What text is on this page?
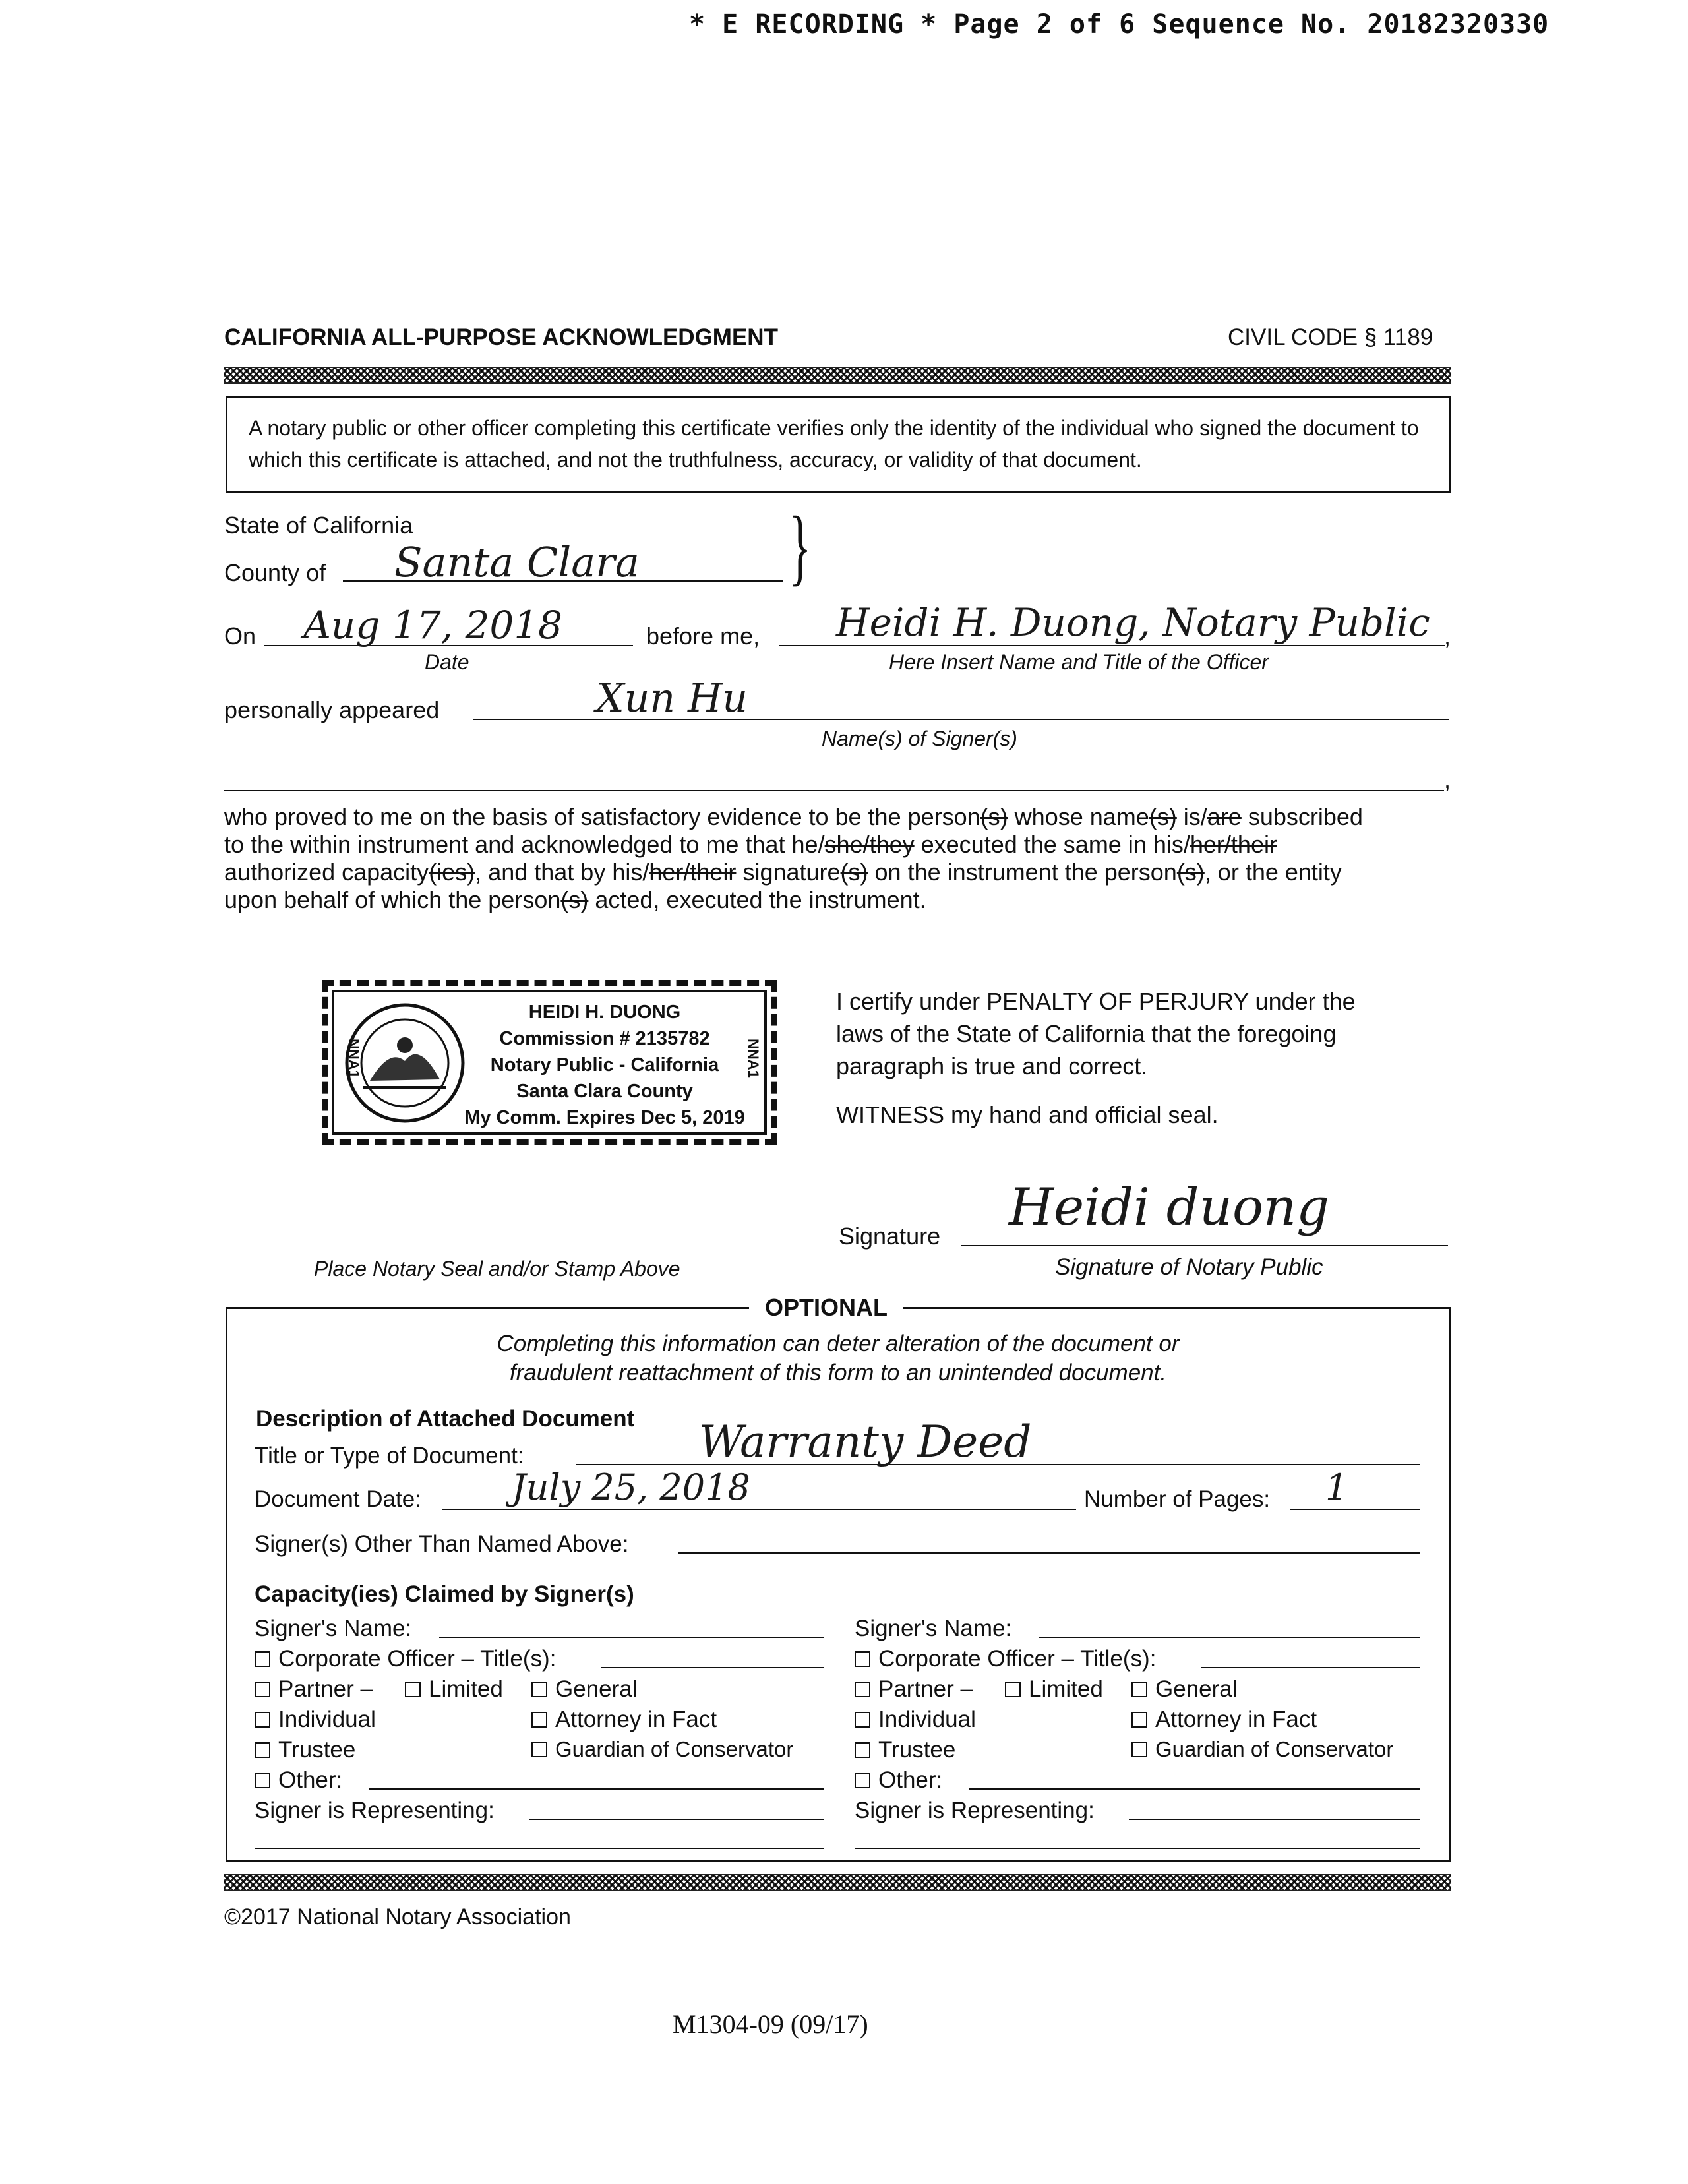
* E RECORDING * Page 2 of 6 Sequence No. 20182320330
CALIFORNIA ALL-PURPOSE ACKNOWLEDGMENT	CIVIL CODE § 1189
A notary public or other officer completing this certificate verifies only the identity of the individual who signed the document to which this certificate is attached, and not the truthfulness, accuracy, or validity of that document.
State of California
County of Santa Clara }
On Aug 17, 2018
Date
before me, Heidi H. Duong, Notary Public ,
Here Insert Name and Title of the Officer
personally appeared	Xun Hu
Name(s) of Signer(s)
,
who proved to me on the basis of satisfactory evidence to be the person(s) whose name(s) is/are subscribed
to the within instrument and acknowledged to me that he/she/they executed the same in his/her/their
authorized capacity(ies), and that by his/her/their signature(s) on the instrument the person(s), or the entity
upon behalf of which the person(s) acted, executed the instrument.
NNA1	NNA1
HEIDI H. DUONG
Commission # 2135782
Notary Public - California
Santa Clara County
My Comm. Expires Dec 5, 2019
I certify under PENALTY OF PERJURY under the
laws of the State of California that the foregoing
paragraph is true and correct.
WITNESS my hand and official seal.
Signature Heidi duong
Signature of Notary Public
Place Notary Seal and/or Stamp Above
OPTIONAL
Completing this information can deter alteration of the document or
fraudulent reattachment of this form to an unintended document.
Description of Attached Document
Title or Type of Document:	Warranty Deed
Document Date:	July 25, 2018	Number of Pages: 1
Signer(s) Other Than Named Above:
Capacity(ies) Claimed by Signer(s)
Signer's Name:
Corporate Officer – Title(s):
Partner –	Limited	General
Individual	Attorney in Fact
Trustee	Guardian of Conservator
Other:
Signer is Representing:
Signer's Name:
Corporate Officer – Title(s):
Partner –	Limited	General
Individual	Attorney in Fact
Trustee	Guardian of Conservator
Other:
Signer is Representing:
©2017 National Notary Association
M1304-09 (09/17)
